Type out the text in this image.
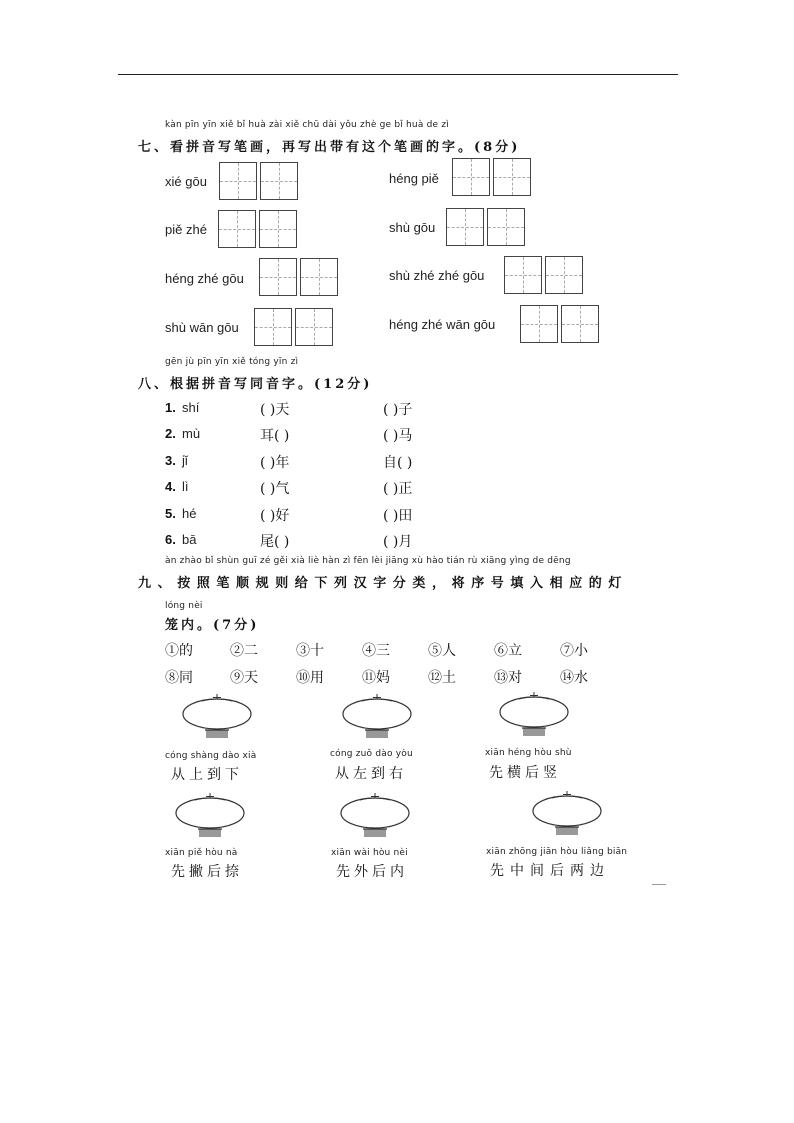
kàn pīn yīn xiě bǐ huà zài xiě chū dài yǒu zhè ge bǐ huà de zì
七、看拼音写笔画，再写出带有这个笔画的字。(8分)
xié gōu	héng piě
piě zhé	shù gōu
héng zhé gōu	shù zhé zhé gōu
shù wān gōu	héng zhé wān gōu
gēn jù pīn yīn xiě tóng yīn zì
八、根据拼音写同音字。(12分)
1. shí	( )天	( )子
2. mù	耳( )	( )马
3. jǐ	( )年	自( )
4. lì	( )气	( )正
5. hé	( )好	( )田
6. bā	尾( )	( )月
àn zhào bǐ shùn guī zé gěi xià liè hàn zì fēn lèi jiāng xù hào tián rù xiāng yìng de dēng
九、按照笔顺规则给下列汉字分类，将序号填入相应的灯
lóng nèi
笼内。(7分)
①的	②二	③十	④三	⑤人	⑥立	⑦小
⑧同	⑨天	⑩用	⑪妈	⑫土	⑬对	⑭水
cóng shàng dào xià
从上到下
cóng zuǒ dào yòu
从左到右
xiān héng hòu shù
先横后竖
xiān piě hòu nà
先撇后捺
xiān wài hòu nèi
先外后内
xiān zhōng jiān hòu liǎng biān
先中间后两边
